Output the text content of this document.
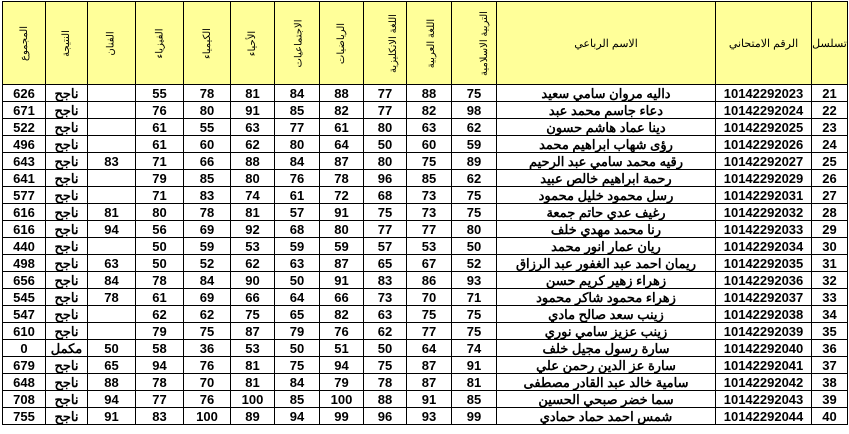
المجموع	النتيجة	الفنان	الفيزياء	الكيمياء	الأحياء	الاجتماعيات	الرياضيات	اللغة الانكليزية	اللغة العربية	التربية الاسلامية	الاسم الرباعي	الرقم الامتحاني	تسلسل

626	ناجح		55	78	81	84	88	77	88	75	داليه مروان سامي سعيد	10142292023	21
671	ناجح		76	80	91	85	82	77	82	98	دعاء جاسم محمد عبد	10142292024	22
522	ناجح		61	55	63	77	61	80	63	62	دينا عماد هاشم حسون	10142292025	23
496	ناجح		61	60	62	80	64	50	60	59	رؤى شهاب ابراهيم محمد	10142292026	24
643	ناجح	83	71	66	88	84	87	80	75	89	رقيه محمد سامي عبد الرحيم	10142292027	25
641	ناجح		79	85	80	76	78	96	85	62	رحمة ابراهيم خالص عبيد	10142292029	26
577	ناجح		71	83	74	61	72	68	73	75	رسل محمود خليل محمود	10142292031	27
616	ناجح	81	80	78	81	57	91	75	73	75	رغيف عدي حاتم جمعة	10142292032	28
616	ناجح	94	56	69	92	68	80	77	77	80	رنا محمد مهدي خلف	10142292033	29
440	ناجح		50	59	53	59	59	57	53	50	ريان عمار انور محمد	10142292034	30
498	ناجح	63	50	52	62	63	87	65	67	52	ريمان احمد عبد الغفور عبد الرزاق	10142292035	31
656	ناجح	84	78	84	90	50	91	83	86	93	زهراء زهير كريم حسن	10142292036	32
545	ناجح	78	61	69	66	64	66	73	70	71	زهراء محمود شاكر محمود	10142292037	33
547	ناجح		62	62	75	65	82	63	75	75	زينب سعد صالح مادي	10142292038	34
610	ناجح		79	75	87	79	76	62	77	75	زينب عزيز سامي نوري	10142292039	35
0	مكمل	50	58	36	53	50	51	50	64	74	سارة رسول مجيل خلف	10142292040	36
679	ناجح	65	94	76	81	75	94	75	87	91	سارة عز الدين رحمن علي	10142292041	37
648	ناجح	88	78	70	81	84	79	78	87	81	سامية خالد عبد القادر مصطفى	10142292042	38
708	ناجح	94	77	76	100	85	100	88	91	85	سما خضر صبحي الحسين	10142292043	39
755	ناجح	91	83	100	89	94	99	96	93	99	شمس احمد حماد حمادي	10142292044	40
